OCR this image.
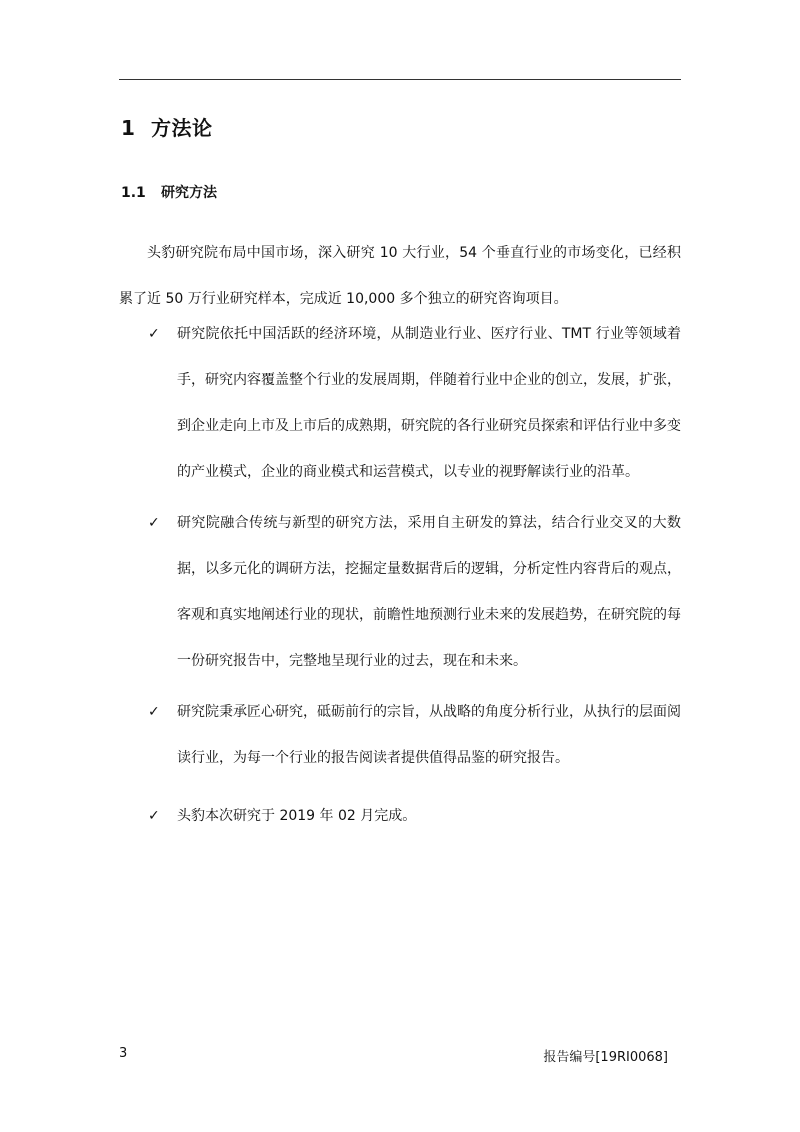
1 方法论
1.1 研究方法

头豹研究院布局中国市场，深入研究 10 大行业，54 个垂直行业的市场变化，已经积累了近 50 万行业研究样本，完成近 10,000 多个独立的研究咨询项目。

✓	研究院依托中国活跃的经济环境，从制造业行业、医疗行业、TMT 行业等领域着手，研究内容覆盖整个行业的发展周期，伴随着行业中企业的创立，发展，扩张，到企业走向上市及上市后的成熟期，研究院的各行业研究员探索和评估行业中多变的产业模式，企业的商业模式和运营模式，以专业的视野解读行业的沿革。
✓	研究院融合传统与新型的研究方法，采用自主研发的算法，结合行业交叉的大数据，以多元化的调研方法，挖掘定量数据背后的逻辑，分析定性内容背后的观点，客观和真实地阐述行业的现状，前瞻性地预测行业未来的发展趋势，在研究院的每一份研究报告中，完整地呈现行业的过去，现在和未来。
✓	研究院秉承匠心研究，砥砺前行的宗旨，从战略的角度分析行业，从执行的层面阅读行业，为每一个行业的报告阅读者提供值得品鉴的研究报告。
✓	头豹本次研究于 2019 年 02 月完成。
3	报告编号[19RI0068]
